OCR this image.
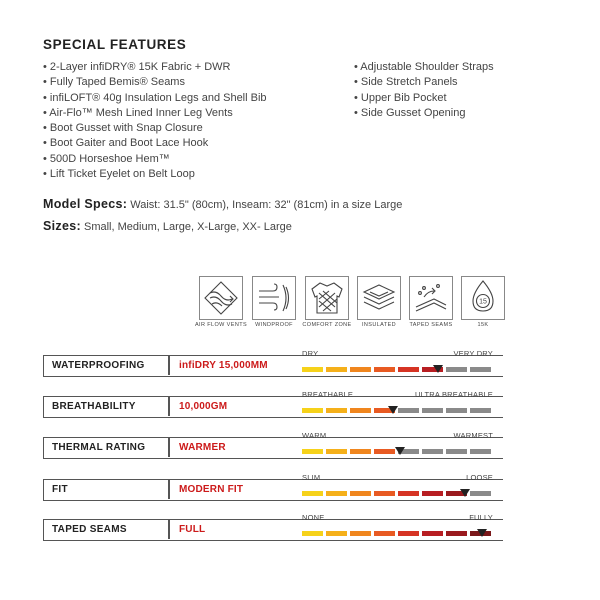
SPECIAL FEATURES
• 2-Layer infiDRY® 15K Fabric + DWR
• Fully Taped Bemis® Seams
• infiLOFT® 40g Insulation Legs and Shell Bib
• Air-Flo™ Mesh Lined Inner Leg Vents
• Boot Gusset with Snap Closure
• Boot Gaiter and Boot Lace Hook
• 500D Horseshoe Hem™
• Lift Ticket Eyelet on Belt Loop
• Adjustable Shoulder Straps
• Side Stretch Panels
• Upper Bib Pocket
• Side Gusset Opening
Model Specs: Waist: 31.5" (80cm), Inseam: 32" (81cm) in a size Large
Sizes: Small, Medium, Large, X-Large, XX- Large
AIR FLOW VENTS	WINDPROOF	COMFORT ZONE	INSULATED	TAPED SEAMS
15
15K
WATERPROOFING	infiDRY 15,000MM
DRY	VERY DRY
BREATHABILITY	10,000GM
BREATHABLE	ULTRA BREATHABLE
THERMAL RATING	WARMER
WARM	WARMEST
FIT	MODERN FIT
SLIM	LOOSE
TAPED SEAMS	FULL
NONE	FULLY
